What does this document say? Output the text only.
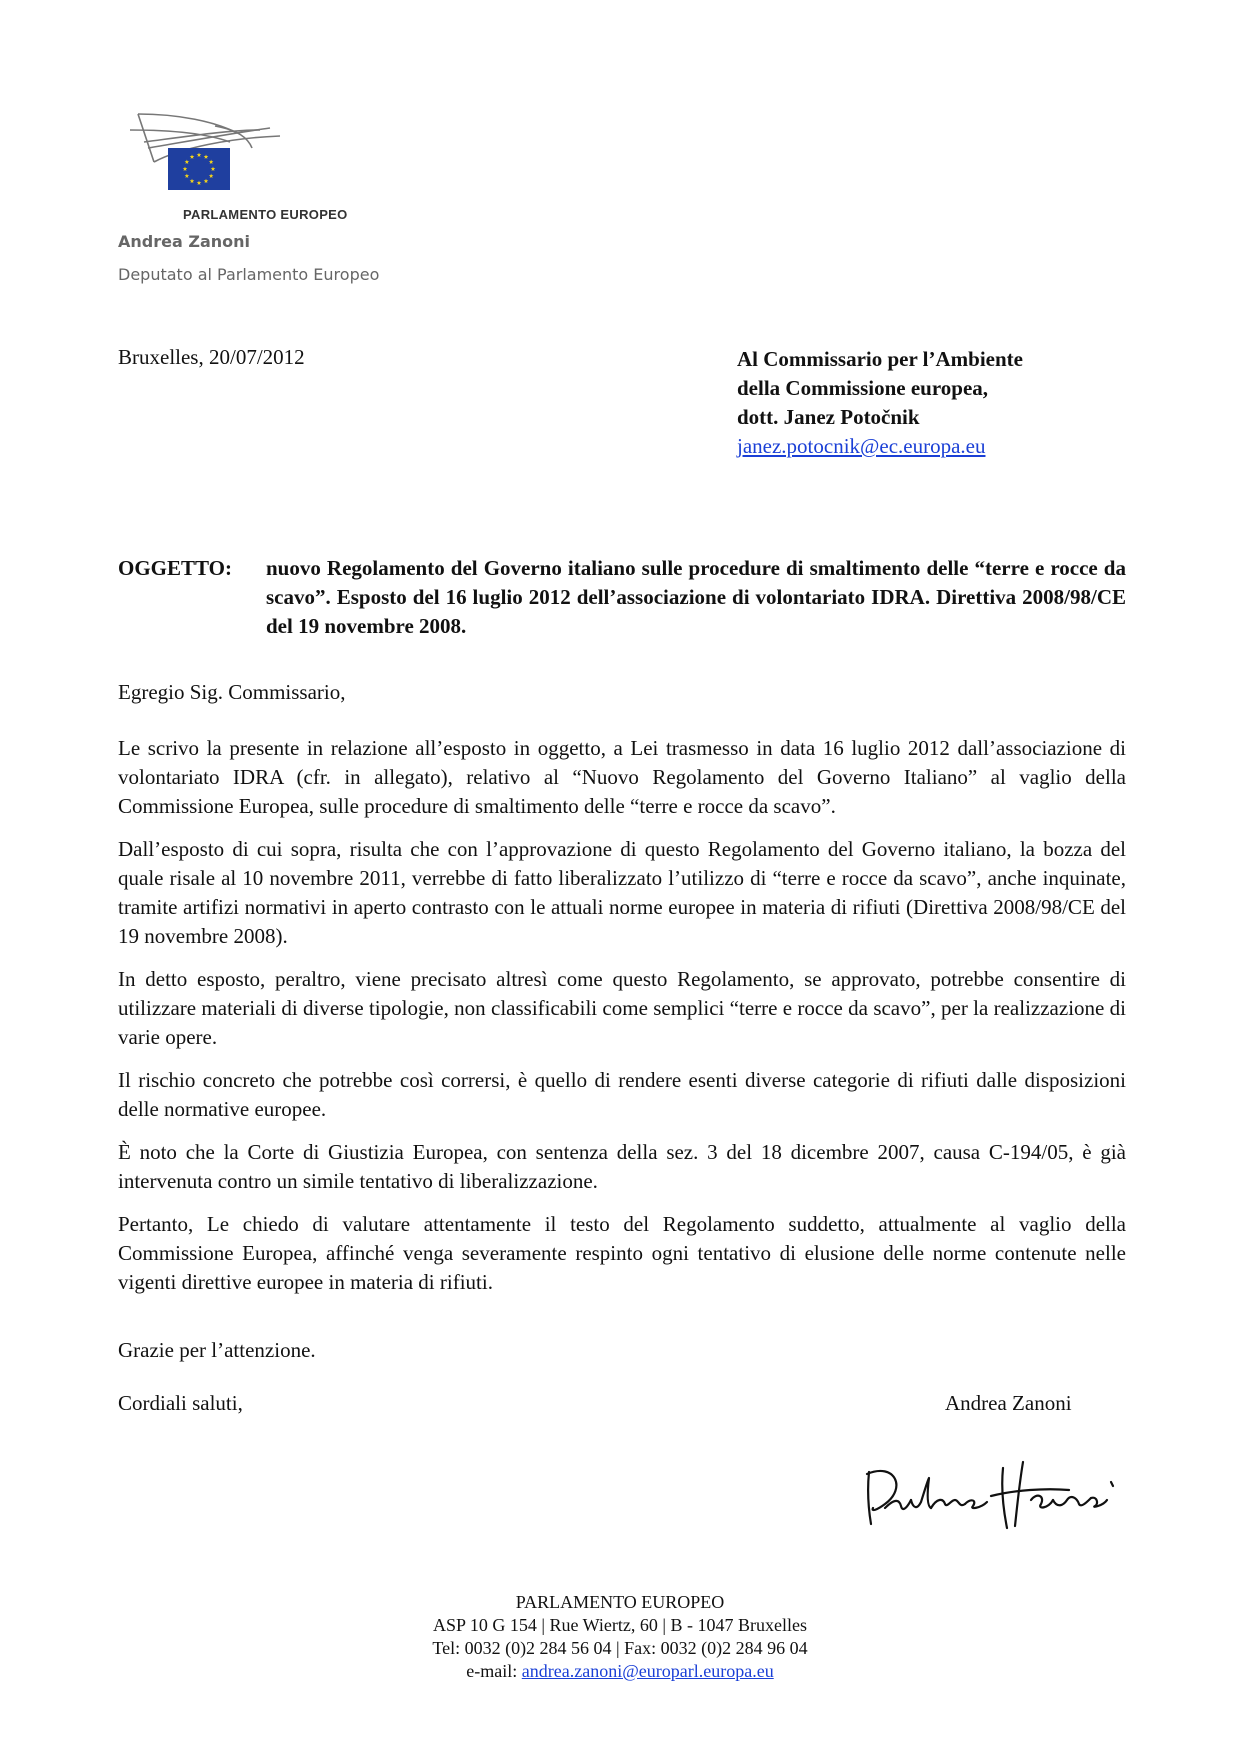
PARLAMENTO EUROPEO
Andrea Zanoni
Deputato al Parlamento Europeo
Bruxelles, 20/07/2012	Al Commissario per l’Ambiente
della Commissione europea,
dott. Janez Potočnik
janez.potocnik@ec.europa.eu
OGGETTO:	nuovo Regolamento del Governo italiano sulle procedure di smaltimento delle “terre e rocce da scavo”. Esposto del 16 luglio 2012 dell’associazione di volontariato IDRA. Direttiva 2008/98/CE del 19 novembre 2008.

Egregio Sig. Commissario,

Le scrivo la presente in relazione all’esposto in oggetto, a Lei trasmesso in data 16 luglio 2012 dall’associazione di volontariato IDRA (cfr. in allegato), relativo al “Nuovo Regolamento del Governo Italiano” al vaglio della Commissione Europea, sulle procedure di smaltimento delle “terre e rocce da scavo”.

Dall’esposto di cui sopra, risulta che con l’approvazione di questo Regolamento del Governo italiano, la bozza del quale risale al 10 novembre 2011, verrebbe di fatto liberalizzato l’utilizzo di “terre e rocce da scavo”, anche inquinate, tramite artifizi normativi in aperto contrasto con le attuali norme europee in materia di rifiuti (Direttiva 2008/98/CE del 19 novembre 2008).

In detto esposto, peraltro, viene precisato altresì come questo Regolamento, se approvato, potrebbe consentire di utilizzare materiali di diverse tipologie, non classificabili come semplici “terre e rocce da scavo”, per la realizzazione di varie opere.

Il rischio concreto che potrebbe così corrersi, è quello di rendere esenti diverse categorie di rifiuti dalle disposizioni delle normative europee.

È noto che la Corte di Giustizia Europea, con sentenza della sez. 3 del 18 dicembre 2007, causa C-194/05, è già intervenuta contro un simile tentativo di liberalizzazione.

Pertanto, Le chiedo di valutare attentamente il testo del Regolamento suddetto, attualmente al vaglio della Commissione Europea, affinché venga severamente respinto ogni tentativo di elusione delle norme contenute nelle vigenti direttive europee in materia di rifiuti.

Grazie per l’attenzione.
Cordiali saluti,	Andrea Zanoni
PARLAMENTO EUROPEO
ASP 10 G 154 | Rue Wiertz, 60 | B - 1047 Bruxelles
Tel: 0032 (0)2 284 56 04 | Fax: 0032 (0)2 284 96 04
e-mail: andrea.zanoni@europarl.europa.eu
